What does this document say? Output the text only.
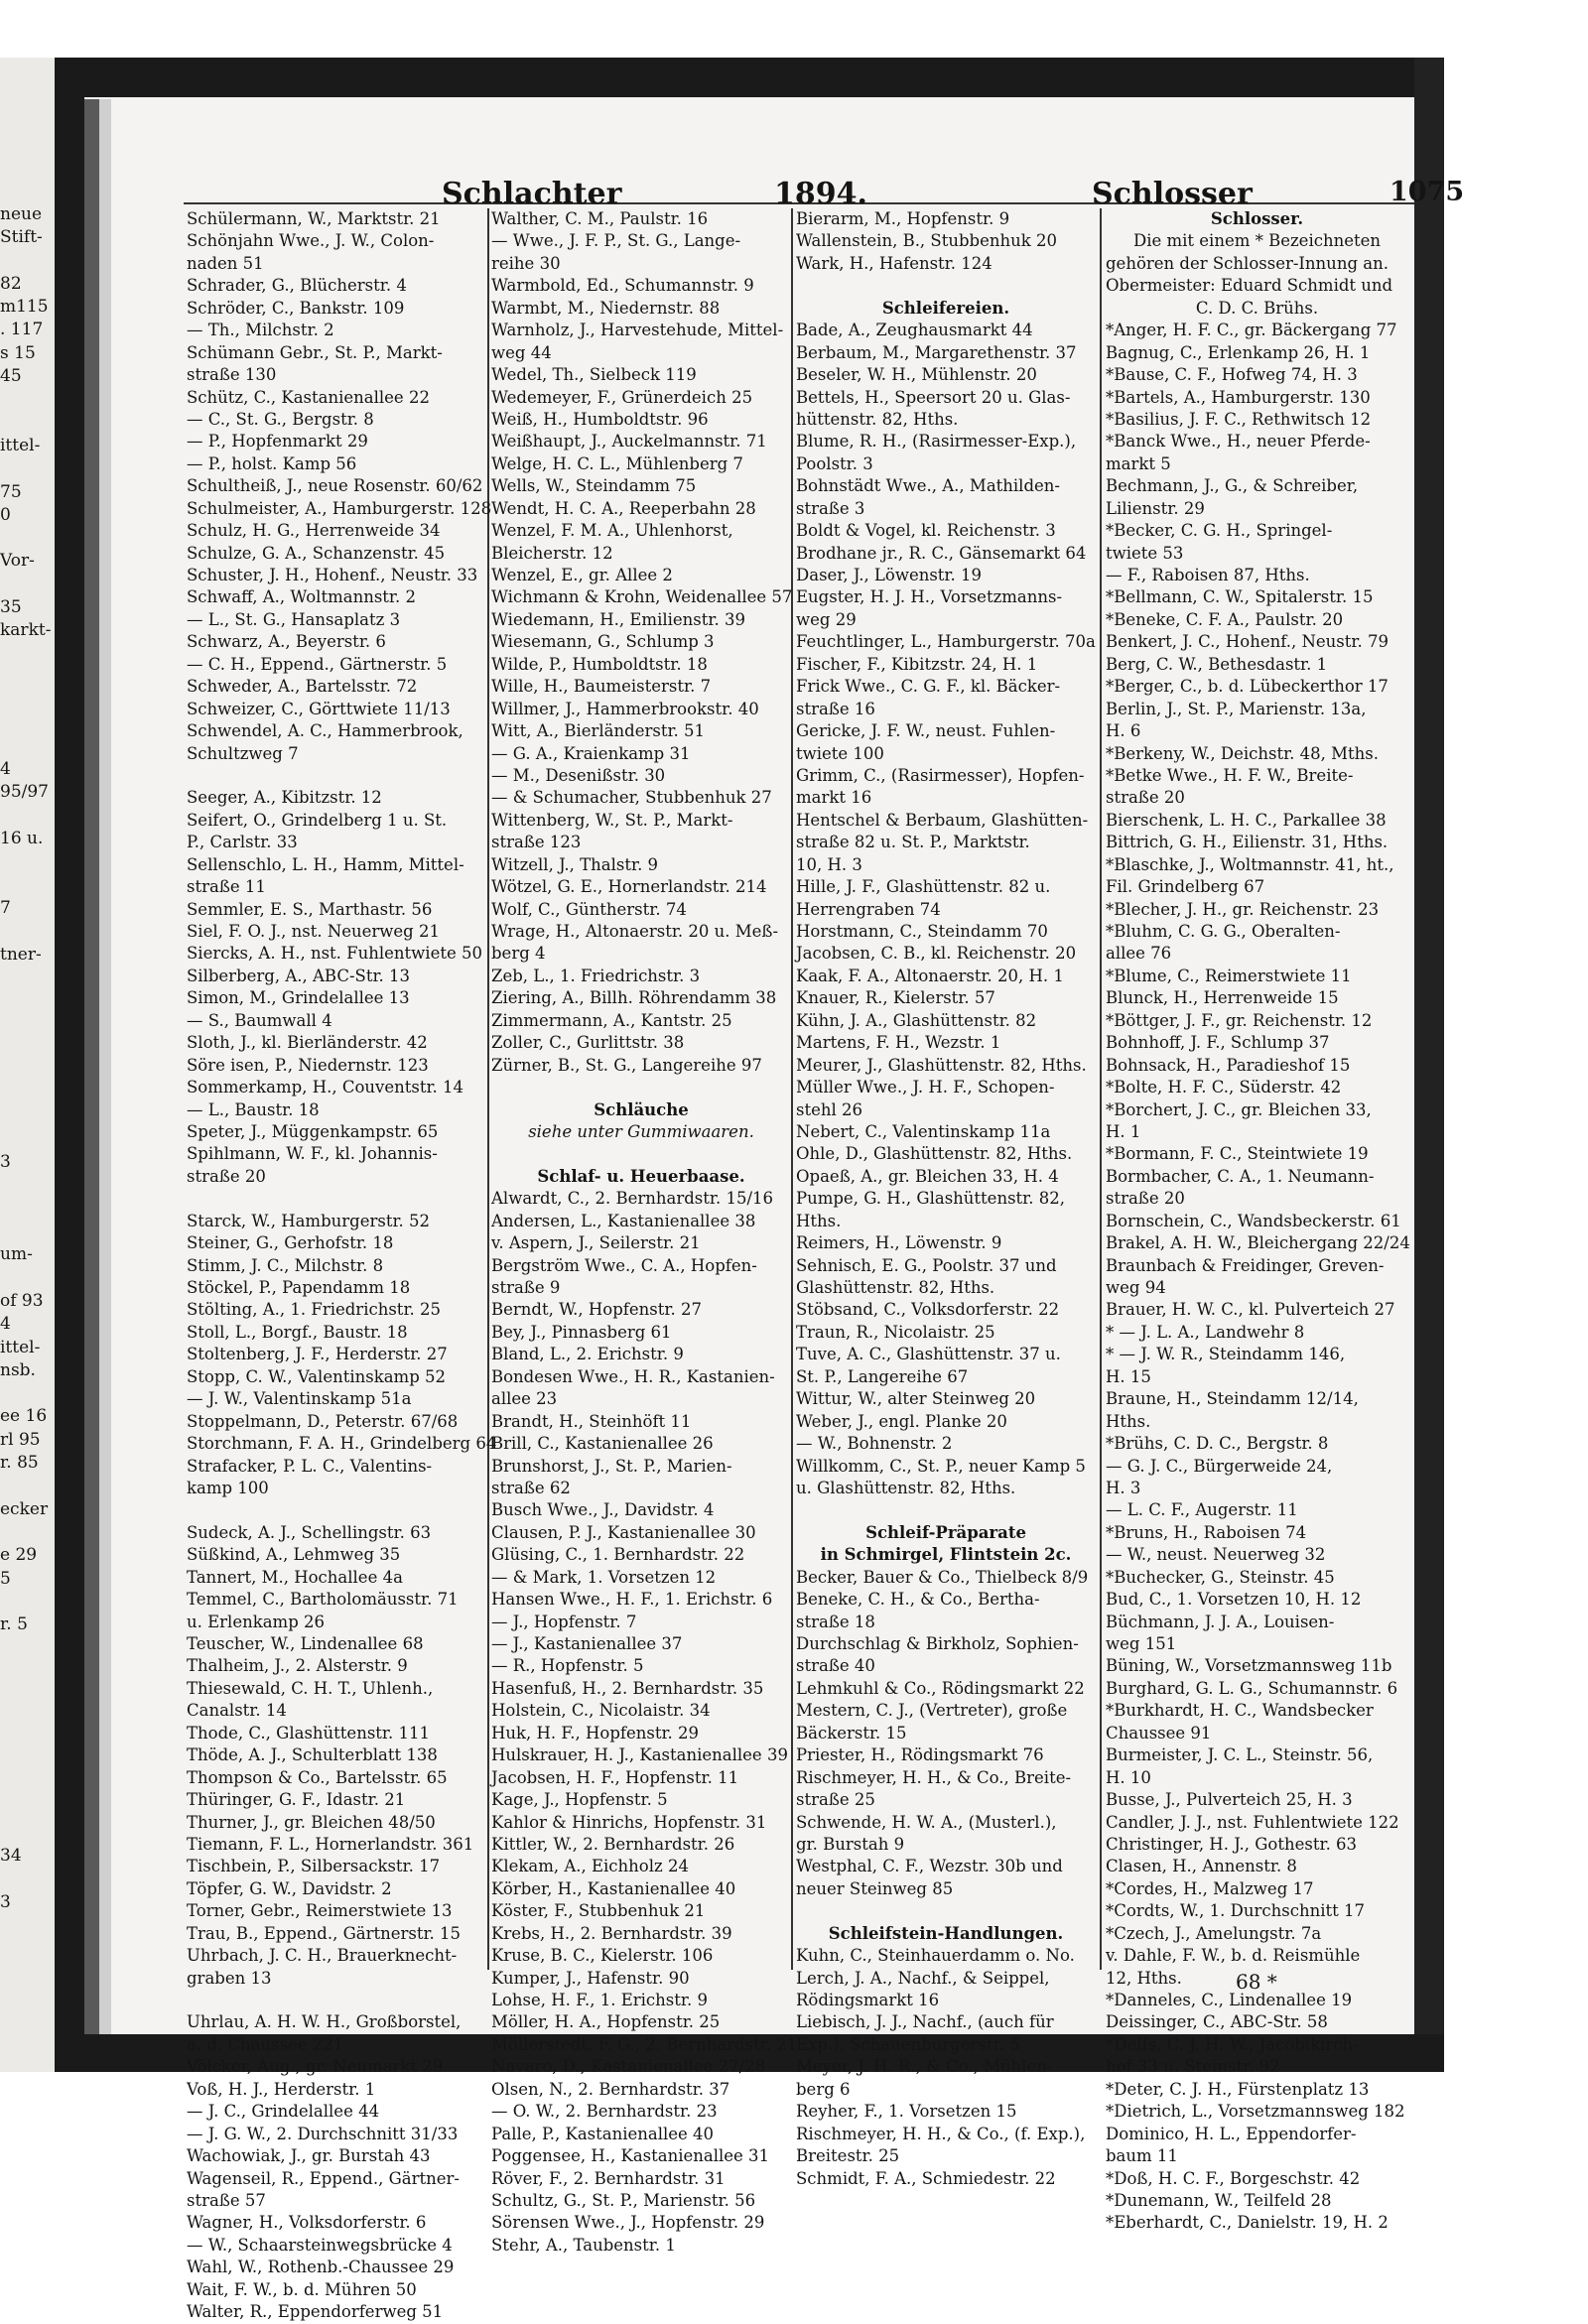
neue
Stift-
82
m115
. 117
s 15
45
ittel-
75
0
Vor-
35
karkt-
4
95/97
16 u.
7
tner-
3
um-
of 93
4
ittel-
nsb.
ee 16
rl 95
r. 85
ecker
e 29
5
r. 5
34
3
Schlachter	1894.	Schlosser	1075
Schülermann, W., Marktstr. 21
Schönjahn Wwe., J. W., Colon-
naden 51
Schrader, G., Blücherstr. 4
Schröder, C., Bankstr. 109
— Th., Milchstr. 2
Schümann Gebr., St. P., Markt-
straße 130
Schütz, C., Kastanienallee 22
— C., St. G., Bergstr. 8
— P., Hopfenmarkt 29
— P., holst. Kamp 56
Schultheiß, J., neue Rosenstr. 60/62
Schulmeister, A., Hamburgerstr. 128
Schulz, H. G., Herrenweide 34
Schulze, G. A., Schanzenstr. 45
Schuster, J. H., Hohenf., Neustr. 33
Schwaff, A., Woltmannstr. 2
— L., St. G., Hansaplatz 3
Schwarz, A., Beyerstr. 6
— C. H., Eppend., Gärtnerstr. 5
Schweder, A., Bartelsstr. 72
Schweizer, C., Görttwiete 11/13
Schwendel, A. C., Hammerbrook,
Schultzweg 7
Seeger, A., Kibitzstr. 12
Seifert, O., Grindelberg 1 u. St.
P., Carlstr. 33
Sellenschlo, L. H., Hamm, Mittel-
straße 11
Semmler, E. S., Marthastr. 56
Siel, F. O. J., nst. Neuerweg 21
Siercks, A. H., nst. Fuhlentwiete 50
Silberberg, A., ABC-Str. 13
Simon, M., Grindelallee 13
— S., Baumwall 4
Sloth, J., kl. Bierländerstr. 42
Söre isen, P., Niedernstr. 123
Sommerkamp, H., Couventstr. 14
— L., Baustr. 18
Speter, J., Müggenkampstr. 65
Spihlmann, W. F., kl. Johannis-
straße 20
Starck, W., Hamburgerstr. 52
Steiner, G., Gerhofstr. 18
Stimm, J. C., Milchstr. 8
Stöckel, P., Papendamm 18
Stölting, A., 1. Friedrichstr. 25
Stoll, L., Borgf., Baustr. 18
Stoltenberg, J. F., Herderstr. 27
Stopp, C. W., Valentinskamp 52
— J. W., Valentinskamp 51a
Stoppelmann, D., Peterstr. 67/68
Storchmann, F. A. H., Grindelberg 64
Strafacker, P. L. C., Valentins-
kamp 100
Sudeck, A. J., Schellingstr. 63
Süßkind, A., Lehmweg 35
Tannert, M., Hochallee 4a
Temmel, C., Bartholomäusstr. 71
u. Erlenkamp 26
Teuscher, W., Lindenallee 68
Thalheim, J., 2. Alsterstr. 9
Thiesewald, C. H. T., Uhlenh.,
Canalstr. 14
Thode, C., Glashüttenstr. 111
Thöde, A. J., Schulterblatt 138
Thompson & Co., Bartelsstr. 65
Thüringer, G. F., Idastr. 21
Thurner, J., gr. Bleichen 48/50
Tiemann, F. L., Hornerlandstr. 361
Tischbein, P., Silbersackstr. 17
Töpfer, G. W., Davidstr. 2
Torner, Gebr., Reimerstwiete 13
Trau, B., Eppend., Gärtnerstr. 15
Uhrbach, J. C. H., Brauerknecht-
graben 13
Uhrlau, A. H. W. H., Großborstel,
a. d. Chaussee 221
Völcker, Aug., gr. Neumarkt 29
Voß, H. J., Herderstr. 1
— J. C., Grindelallee 44
— J. G. W., 2. Durchschnitt 31/33
Wachowiak, J., gr. Burstah 43
Wagenseil, R., Eppend., Gärtner-
straße 57
Wagner, H., Volksdorferstr. 6
— W., Schaarsteinwegsbrücke 4
Wahl, W., Rothenb.-Chaussee 29
Wait, F. W., b. d. Mühren 50
Walter, R., Eppendorferweg 51
Walther, C. M., Paulstr. 16
— Wwe., J. F. P., St. G., Lange-
reihe 30
Warmbold, Ed., Schumannstr. 9
Warmbt, M., Niedernstr. 88
Warnholz, J., Harvestehude, Mittel-
weg 44
Wedel, Th., Sielbeck 119
Wedemeyer, F., Grünerdeich 25
Weiß, H., Humboldtstr. 96
Weißhaupt, J., Auckelmannstr. 71
Welge, H. C. L., Mühlenberg 7
Wells, W., Steindamm 75
Wendt, H. C. A., Reeperbahn 28
Wenzel, F. M. A., Uhlenhorst,
Bleicherstr. 12
Wenzel, E., gr. Allee 2
Wichmann & Krohn, Weidenallee 57
Wiedemann, H., Emilienstr. 39
Wiesemann, G., Schlump 3
Wilde, P., Humboldtstr. 18
Wille, H., Baumeisterstr. 7
Willmer, J., Hammerbrookstr. 40
Witt, A., Bierländerstr. 51
— G. A., Kraienkamp 31
— M., Desenißstr. 30
— & Schumacher, Stubbenhuk 27
Wittenberg, W., St. P., Markt-
straße 123
Witzell, J., Thalstr. 9
Wötzel, G. E., Hornerlandstr. 214
Wolf, C., Güntherstr. 74
Wrage, H., Altonaerstr. 20 u. Meß-
berg 4
Zeb, L., 1. Friedrichstr. 3
Ziering, A., Billh. Röhrendamm 38
Zimmermann, A., Kantstr. 25
Zoller, C., Gurlittstr. 38
Zürner, B., St. G., Langereihe 97
Schläuche
siehe unter Gummiwaaren.
Schlaf- u. Heuerbaase.
Alwardt, C., 2. Bernhardstr. 15/16
Andersen, L., Kastanienallee 38
v. Aspern, J., Seilerstr. 21
Bergström Wwe., C. A., Hopfen-
straße 9
Berndt, W., Hopfenstr. 27
Bey, J., Pinnasberg 61
Bland, L., 2. Erichstr. 9
Bondesen Wwe., H. R., Kastanien-
allee 23
Brandt, H., Steinhöft 11
Brill, C., Kastanienallee 26
Brunshorst, J., St. P., Marien-
straße 62
Busch Wwe., J., Davidstr. 4
Clausen, P. J., Kastanienallee 30
Glüsing, C., 1. Bernhardstr. 22
— & Mark, 1. Vorsetzen 12
Hansen Wwe., H. F., 1. Erichstr. 6
— J., Hopfenstr. 7
— J., Kastanienallee 37
— R., Hopfenstr. 5
Hasenfuß, H., 2. Bernhardstr. 35
Holstein, C., Nicolaistr. 34
Huk, H. F., Hopfenstr. 29
Hulskrauer, H. J., Kastanienallee 39
Jacobsen, H. F., Hopfenstr. 11
Kage, J., Hopfenstr. 5
Kahlor & Hinrichs, Hopfenstr. 31
Kittler, W., 2. Bernhardstr. 26
Klekam, A., Eichholz 24
Körber, H., Kastanienallee 40
Köster, F., Stubbenhuk 21
Krebs, H., 2. Bernhardstr. 39
Kruse, B. C., Kielerstr. 106
Kumper, J., Hafenstr. 90
Lohse, H. F., 1. Erichstr. 9
Möller, H. A., Hopfenstr. 25
Möllerstedt, F. G., 2. Bernhardstr. 21
Navaro, D., Kastanienallee 27/28
Olsen, N., 2. Bernhardstr. 37
— O. W., 2. Bernhardstr. 23
Palle, P., Kastanienallee 40
Poggensee, H., Kastanienallee 31
Röver, F., 2. Bernhardstr. 31
Schultz, G., St. P., Marienstr. 56
Sörensen Wwe., J., Hopfenstr. 29
Stehr, A., Taubenstr. 1
Bierarm, M., Hopfenstr. 9
Wallenstein, B., Stubbenhuk 20
Wark, H., Hafenstr. 124
Schleifereien.
Bade, A., Zeughausmarkt 44
Berbaum, M., Margarethenstr. 37
Beseler, W. H., Mühlenstr. 20
Bettels, H., Speersort 20 u. Glas-
hüttenstr. 82, Hths.
Blume, R. H., (Rasirmesser-Exp.),
Poolstr. 3
Bohnstädt Wwe., A., Mathilden-
straße 3
Boldt & Vogel, kl. Reichenstr. 3
Brodhane jr., R. C., Gänsemarkt 64
Daser, J., Löwenstr. 19
Eugster, H. J. H., Vorsetzmanns-
weg 29
Feuchtlinger, L., Hamburgerstr. 70a
Fischer, F., Kibitzstr. 24, H. 1
Frick Wwe., C. G. F., kl. Bäcker-
straße 16
Gericke, J. F. W., neust. Fuhlen-
twiete 100
Grimm, C., (Rasirmesser), Hopfen-
markt 16
Hentschel & Berbaum, Glashütten-
straße 82 u. St. P., Marktstr.
10, H. 3
Hille, J. F., Glashüttenstr. 82 u.
Herrengraben 74
Horstmann, C., Steindamm 70
Jacobsen, C. B., kl. Reichenstr. 20
Kaak, F. A., Altonaerstr. 20, H. 1
Knauer, R., Kielerstr. 57
Kühn, J. A., Glashüttenstr. 82
Martens, F. H., Wezstr. 1
Meurer, J., Glashüttenstr. 82, Hths.
Müller Wwe., J. H. F., Schopen-
stehl 26
Nebert, C., Valentinskamp 11a
Ohle, D., Glashüttenstr. 82, Hths.
Opaeß, A., gr. Bleichen 33, H. 4
Pumpe, G. H., Glashüttenstr. 82,
Hths.
Reimers, H., Löwenstr. 9
Sehnisch, E. G., Poolstr. 37 und
Glashüttenstr. 82, Hths.
Stöbsand, C., Volksdorferstr. 22
Traun, R., Nicolaistr. 25
Tuve, A. C., Glashüttenstr. 37 u.
St. P., Langereihe 67
Wittur, W., alter Steinweg 20
Weber, J., engl. Planke 20
— W., Bohnenstr. 2
Willkomm, C., St. P., neuer Kamp 5
u. Glashüttenstr. 82, Hths.
Schleif-Präparate
in Schmirgel, Flintstein 2c.
Becker, Bauer & Co., Thielbeck 8/9
Beneke, C. H., & Co., Bertha-
straße 18
Durchschlag & Birkholz, Sophien-
straße 40
Lehmkuhl & Co., Rödingsmarkt 22
Mestern, C. J., (Vertreter), große
Bäckerstr. 15
Priester, H., Rödingsmarkt 76
Rischmeyer, H. H., & Co., Breite-
straße 25
Schwende, H. W. A., (Musterl.),
gr. Burstah 9
Westphal, C. F., Wezstr. 30b und
neuer Steinweg 85
Schleifstein-Handlungen.
Kuhn, C., Steinhauerdamm o. No.
Lerch, J. A., Nachf., & Seippel,
Rödingsmarkt 16
Liebisch, J. J., Nachf., (auch für
Exp.), Schauenburgerstr. 5
Meyer, J. H. R., & Co., Mühlen-
berg 6
Reyher, F., 1. Vorsetzen 15
Rischmeyer, H. H., & Co., (f. Exp.),
Breitestr. 25
Schmidt, F. A., Schmiedestr. 22
Schlosser.
Die mit einem * Bezeichneten
gehören der Schlosser-Innung an.
Obermeister: Eduard Schmidt und
C. D. C. Brühs.
*Anger, H. F. C., gr. Bäckergang 77
Bagnug, C., Erlenkamp 26, H. 1
*Bause, C. F., Hofweg 74, H. 3
*Bartels, A., Hamburgerstr. 130
*Basilius, J. F. C., Rethwitsch 12
*Banck Wwe., H., neuer Pferde-
markt 5
Bechmann, J., G., & Schreiber,
Lilienstr. 29
*Becker, C. G. H., Springel-
twiete 53
— F., Raboisen 87, Hths.
*Bellmann, C. W., Spitalerstr. 15
*Beneke, C. F. A., Paulstr. 20
Benkert, J. C., Hohenf., Neustr. 79
Berg, C. W., Bethesdastr. 1
*Berger, C., b. d. Lübeckerthor 17
Berlin, J., St. P., Marienstr. 13a,
H. 6
*Berkeny, W., Deichstr. 48, Mths.
*Betke Wwe., H. F. W., Breite-
straße 20
Bierschenk, L. H. C., Parkallee 38
Bittrich, G. H., Eilienstr. 31, Hths.
*Blaschke, J., Woltmannstr. 41, ht.,
Fil. Grindelberg 67
*Blecher, J. H., gr. Reichenstr. 23
*Bluhm, C. G. G., Oberalten-
allee 76
*Blume, C., Reimerstwiete 11
Blunck, H., Herrenweide 15
*Böttger, J. F., gr. Reichenstr. 12
Bohnhoff, J. F., Schlump 37
Bohnsack, H., Paradieshof 15
*Bolte, H. F. C., Süderstr. 42
*Borchert, J. C., gr. Bleichen 33,
H. 1
*Bormann, F. C., Steintwiete 19
Bormbacher, C. A., 1. Neumann-
straße 20
Bornschein, C., Wandsbeckerstr. 61
Brakel, A. H. W., Bleichergang 22/24
Braunbach & Freidinger, Greven-
weg 94
Brauer, H. W. C., kl. Pulverteich 27
* — J. L. A., Landwehr 8
* — J. W. R., Steindamm 146,
H. 15
Braune, H., Steindamm 12/14,
Hths.
*Brühs, C. D. C., Bergstr. 8
— G. J. C., Bürgerweide 24,
H. 3
— L. C. F., Augerstr. 11
*Bruns, H., Raboisen 74
— W., neust. Neuerweg 32
*Buchecker, G., Steinstr. 45
Bud, C., 1. Vorsetzen 10, H. 12
Büchmann, J. J. A., Louisen-
weg 151
Büning, W., Vorsetzmannsweg 11b
Burghard, G. L. G., Schumannstr. 6
*Burkhardt, H. C., Wandsbecker
Chaussee 91
Burmeister, J. C. L., Steinstr. 56,
H. 10
Busse, J., Pulverteich 25, H. 3
Candler, J. J., nst. Fuhlentwiete 122
Christinger, H. J., Gothestr. 63
Clasen, H., Annenstr. 8
*Cordes, H., Malzweg 17
*Cordts, W., 1. Durchschnitt 17
*Czech, J., Amelungstr. 7a
v. Dahle, F. W., b. d. Reismühle
12, Hths.
*Danneles, C., Lindenallee 19
Deissinger, C., ABC-Str. 58
*Delfs, C. J. H. W., Jacobikirch-
hof 33 u. Steinstr. 92
*Deter, C. J. H., Fürstenplatz 13
*Dietrich, L., Vorsetzmannsweg 182
Dominico, H. L., Eppendorfer-
baum 11
*Doß, H. C. F., Borgeschstr. 42
*Dunemann, W., Teilfeld 28
*Eberhardt, C., Danielstr. 19, H. 2
68 *
